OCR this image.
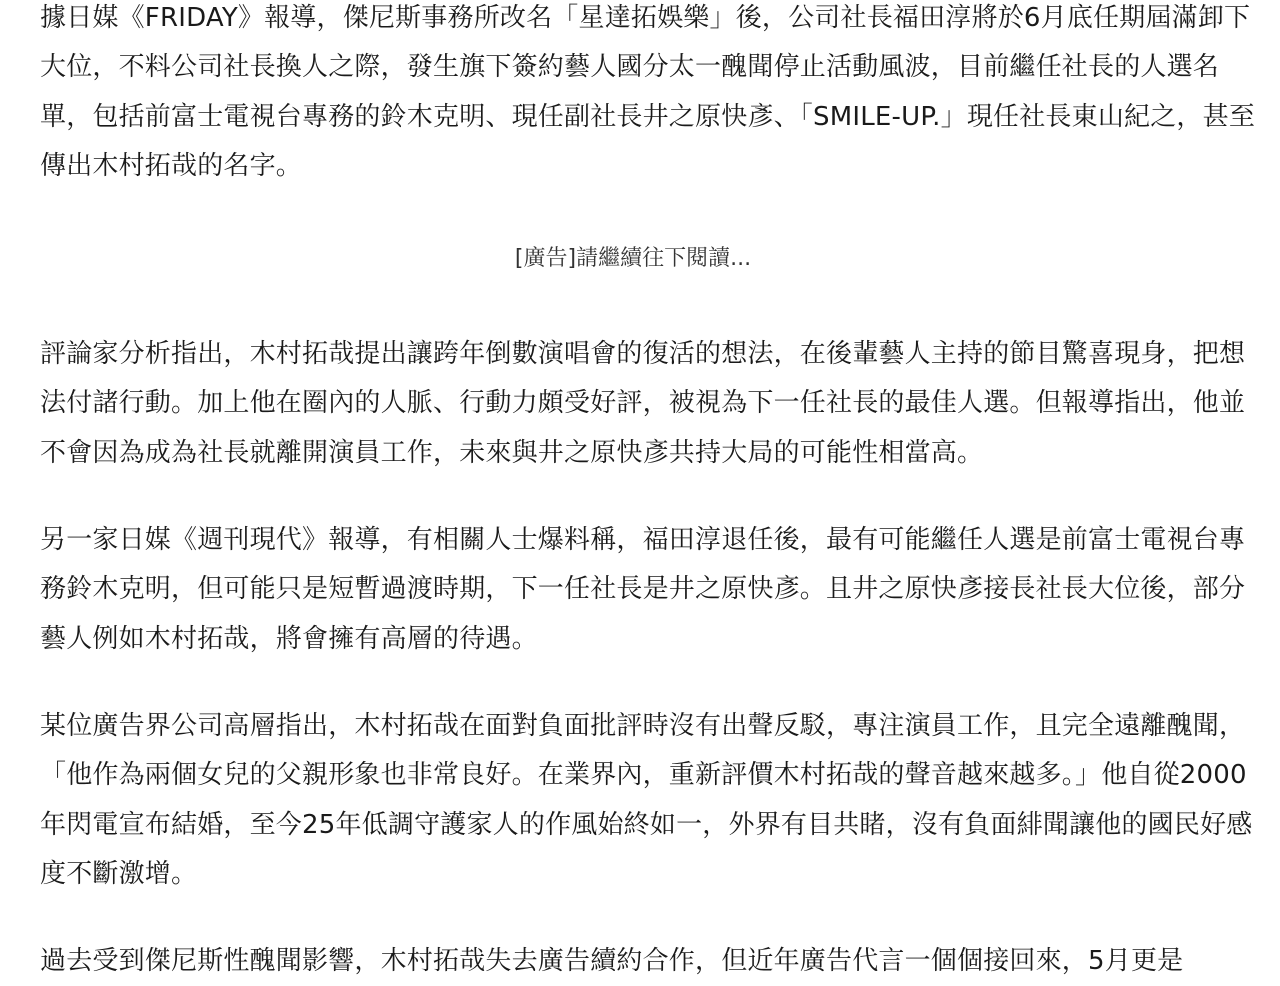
據日媒《FRIDAY》報導，傑尼斯事務所改名「星達拓娛樂」後，公司社長福田淳將於6月底任期屆滿卸下大位，不料公司社長換人之際，發生旗下簽約藝人國分太一醜聞停止活動風波，目前繼任社長的人選名單，包括前富士電視台專務的鈴木克明、現任副社長井之原快彥、「SMILE-UP.」現任社長東山紀之，甚至傳出木村拓哉的名字。

[廣告]請繼續往下閱讀...

評論家分析指出，木村拓哉提出讓跨年倒數演唱會的復活的想法，在後輩藝人主持的節目驚喜現身，把想法付諸行動。加上他在圈內的人脈、行動力頗受好評，被視為下一任社長的最佳人選。但報導指出，他並不會因為成為社長就離開演員工作，未來與井之原快彥共持大局的可能性相當高。

另一家日媒《週刊現代》報導，有相關人士爆料稱，福田淳退任後，最有可能繼任人選是前富士電視台專務鈴木克明，但可能只是短暫過渡時期，下一任社長是井之原快彥。且井之原快彥接長社長大位後，部分藝人例如木村拓哉，將會擁有高層的待遇。

某位廣告界公司高層指出，木村拓哉在面對負面批評時沒有出聲反駁，專注演員工作，且完全遠離醜聞，「他作為兩個女兒的父親形象也非常良好。在業界內，重新評價木村拓哉的聲音越來越多。」他自從2000年閃電宣布結婚，至今25年低調守護家人的作風始終如一，外界有目共睹，沒有負面緋聞讓他的國民好感度不斷激增。

過去受到傑尼斯性醜聞影響，木村拓哉失去廣告續約合作，但近年廣告代言一個個接回來，5月更是
